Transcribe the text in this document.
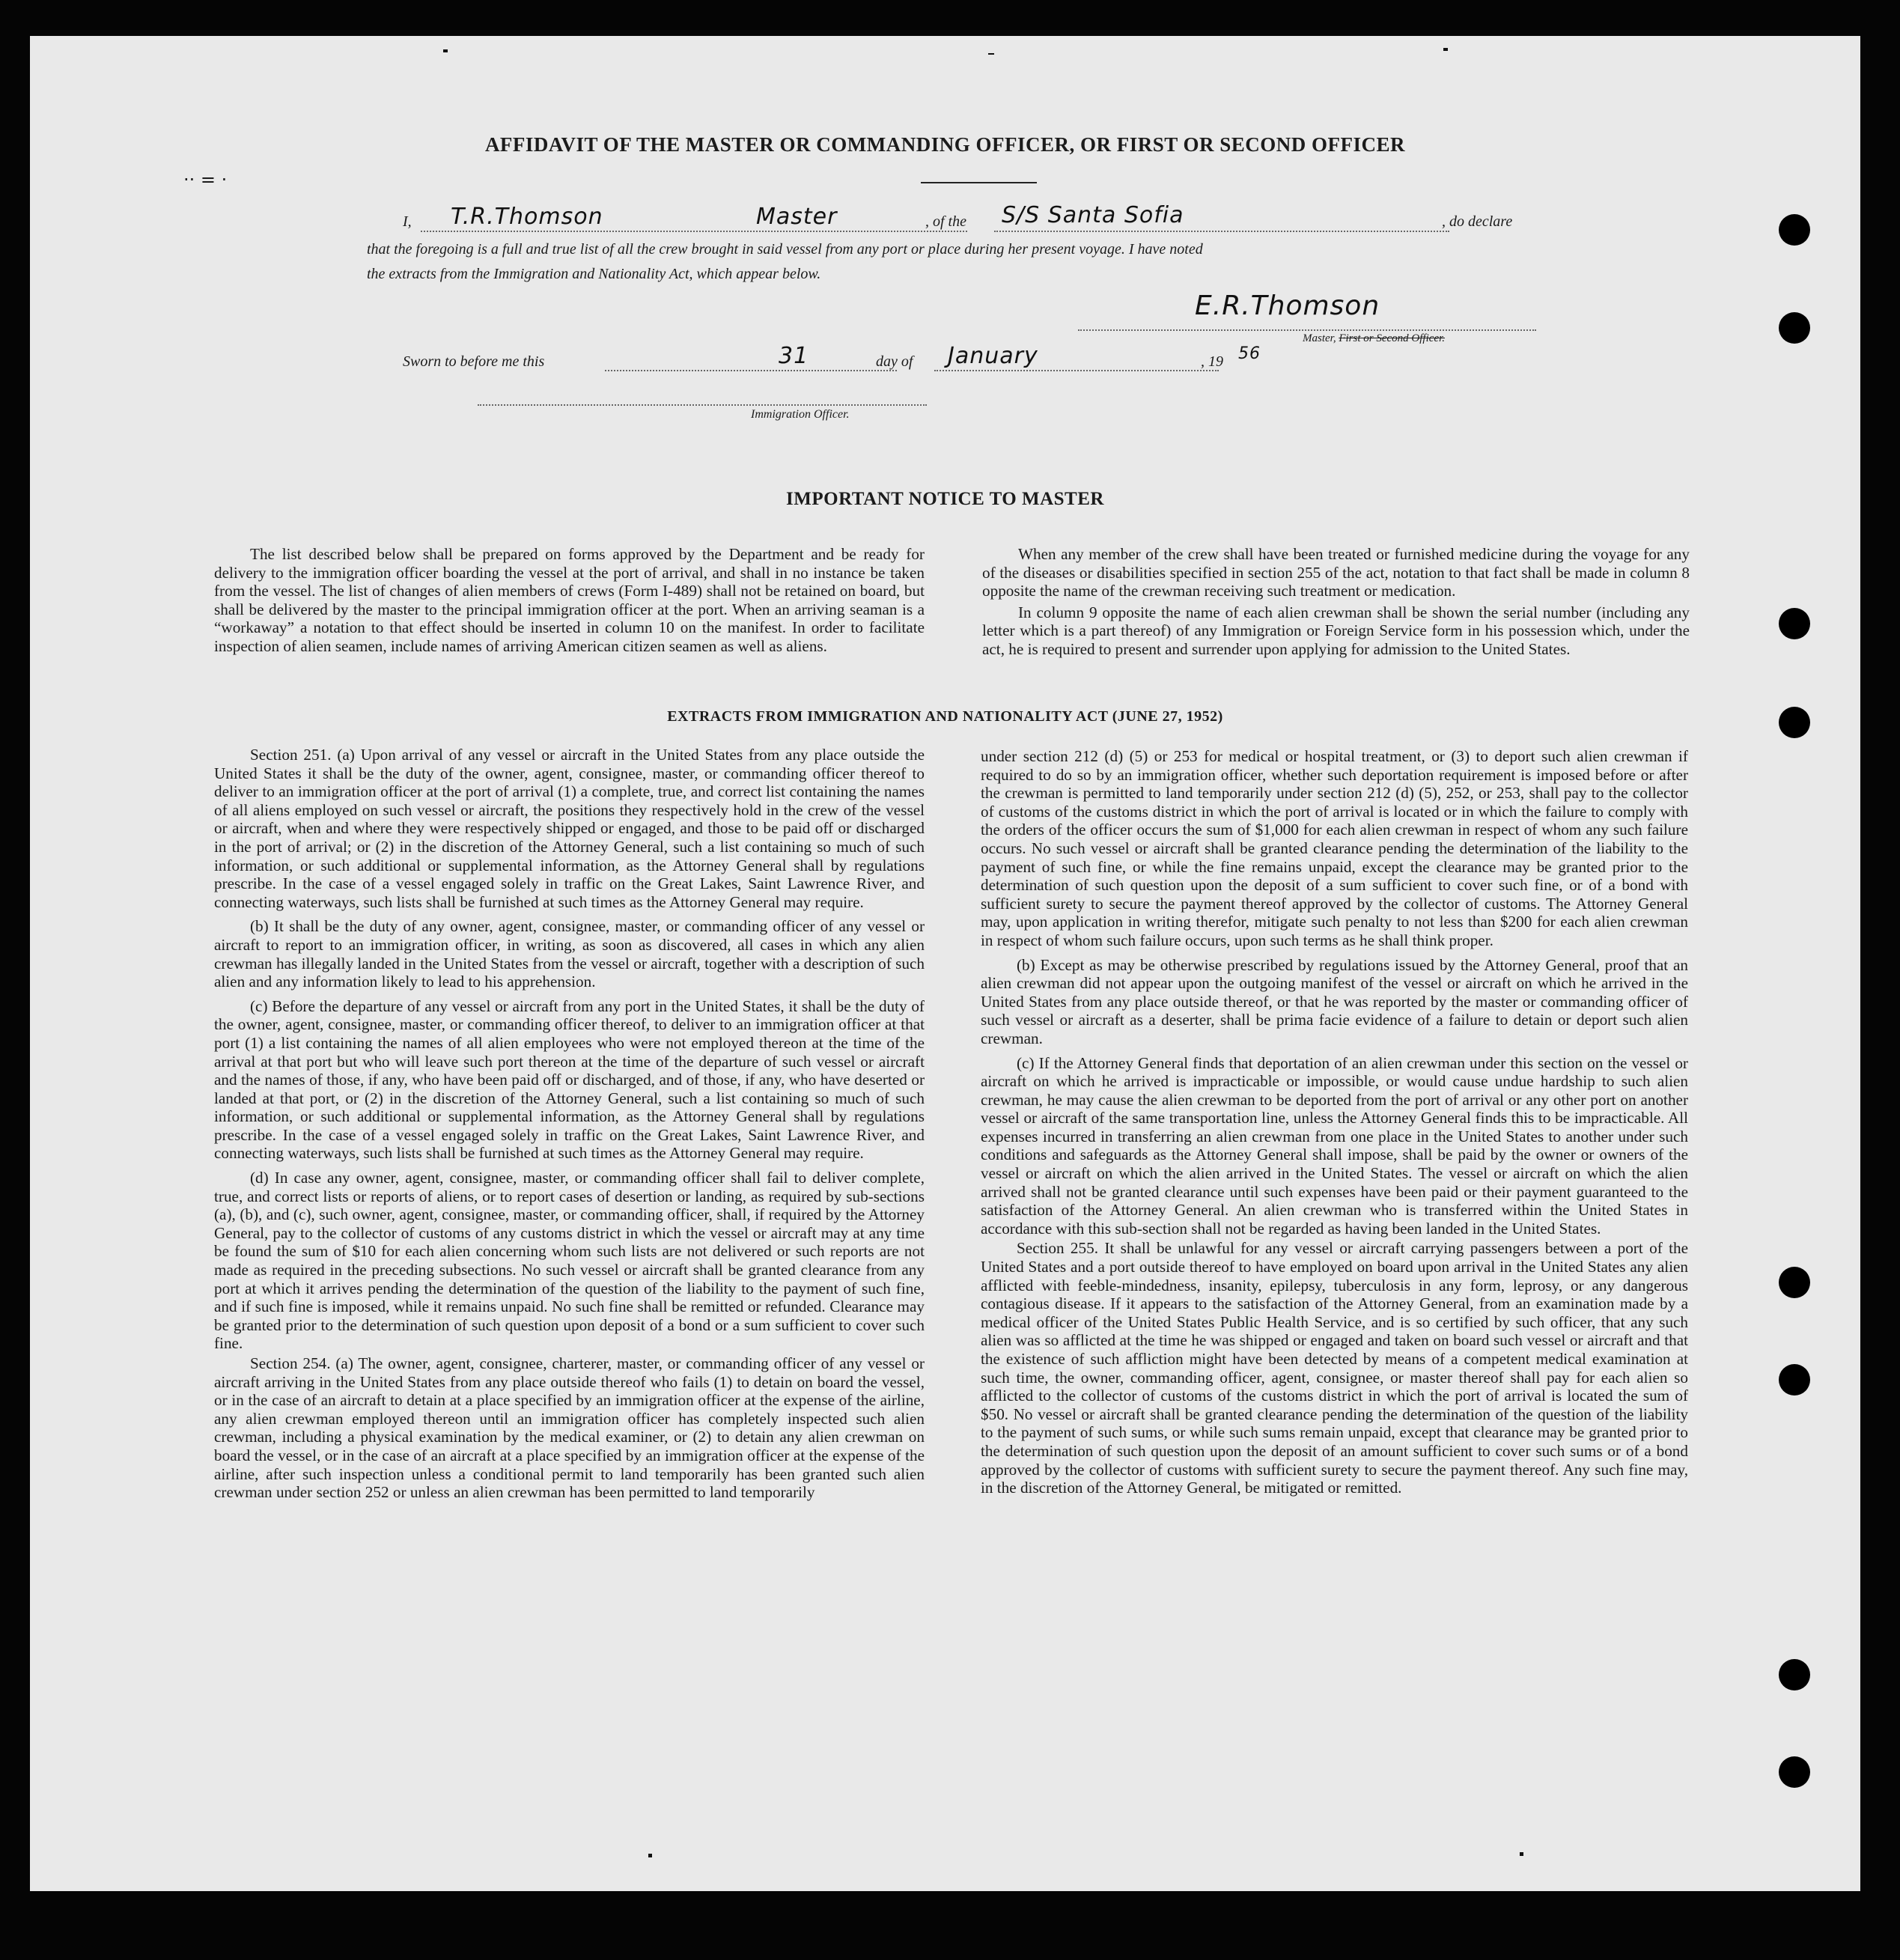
·· = ·
AFFIDAVIT OF THE MASTER OR COMMANDING OFFICER, OR FIRST OR SECOND OFFICER
I, T.R.Thomson	Master	, of the S/S Santa Sofia	, do declare
that the foregoing is a full and true list of all the crew brought in said vessel from any port or place during her present voyage. I have noted
the extracts from the Immigration and Nationality Act, which appear below.
E.R.Thomson
Master, First or Second Officer.
Sworn to before me this	31	day of January	, 19 56
Immigration Officer.
IMPORTANT NOTICE TO MASTER

The list described below shall be prepared on forms approved by the Department and be ready for delivery to the immigration officer boarding the vessel at the port of arrival, and shall in no instance be taken from the vessel. The list of changes of alien members of crews (Form I-489) shall not be retained on board, but shall be delivered by the master to the principal immigration officer at the port. When an arriving seaman is a “workaway” a notation to that effect should be inserted in column 10 on the manifest. In order to facilitate inspection of alien seamen, include names of arriving American citizen seamen as well as aliens.

When any member of the crew shall have been treated or furnished medicine during the voyage for any of the diseases or disabilities specified in section 255 of the act, notation to that fact shall be made in column 8 opposite the name of the crewman receiving such treatment or medication.

In column 9 opposite the name of each alien crewman shall be shown the serial number (including any letter which is a part thereof) of any Immigration or Foreign Service form in his possession which, under the act, he is required to present and surrender upon applying for admission to the United States.

EXTRACTS FROM IMMIGRATION AND NATIONALITY ACT (JUNE 27, 1952)

Section 251. (a) Upon arrival of any vessel or aircraft in the United States from any place outside the United States it shall be the duty of the owner, agent, consignee, master, or commanding officer thereof to deliver to an immigration officer at the port of arrival (1) a complete, true, and correct list containing the names of all aliens employed on such vessel or aircraft, the positions they respectively hold in the crew of the vessel or aircraft, when and where they were respectively shipped or engaged, and those to be paid off or discharged in the port of arrival; or (2) in the discretion of the Attorney General, such a list containing so much of such information, or such additional or supplemental information, as the Attorney General shall by regulations prescribe. In the case of a vessel engaged solely in traffic on the Great Lakes, Saint Lawrence River, and connecting waterways, such lists shall be furnished at such times as the Attorney General may require.

(b) It shall be the duty of any owner, agent, consignee, master, or commanding officer of any vessel or aircraft to report to an immigration officer, in writing, as soon as discovered, all cases in which any alien crewman has illegally landed in the United States from the vessel or aircraft, together with a description of such alien and any information likely to lead to his apprehension.

(c) Before the departure of any vessel or aircraft from any port in the United States, it shall be the duty of the owner, agent, consignee, master, or commanding officer thereof, to deliver to an immigration officer at that port (1) a list containing the names of all alien employees who were not employed thereon at the time of the arrival at that port but who will leave such port thereon at the time of the departure of such vessel or aircraft and the names of those, if any, who have been paid off or discharged, and of those, if any, who have deserted or landed at that port, or (2) in the discretion of the Attorney General, such a list containing so much of such information, or such additional or supplemental information, as the Attorney General shall by regulations prescribe. In the case of a vessel engaged solely in traffic on the Great Lakes, Saint Lawrence River, and connecting waterways, such lists shall be furnished at such times as the Attorney General may require.

(d) In case any owner, agent, consignee, master, or commanding officer shall fail to deliver complete, true, and correct lists or reports of aliens, or to report cases of desertion or landing, as required by sub-sections (a), (b), and (c), such owner, agent, consignee, master, or commanding officer, shall, if required by the Attorney General, pay to the collector of customs of any customs district in which the vessel or aircraft may at any time be found the sum of $10 for each alien concerning whom such lists are not delivered or such reports are not made as required in the preceding subsections. No such vessel or aircraft shall be granted clearance from any port at which it arrives pending the determination of the question of the liability to the payment of such fine, and if such fine is imposed, while it remains unpaid. No such fine shall be remitted or refunded. Clearance may be granted prior to the determination of such question upon deposit of a bond or a sum sufficient to cover such fine.

Section 254. (a) The owner, agent, consignee, charterer, master, or commanding officer of any vessel or aircraft arriving in the United States from any place outside thereof who fails (1) to detain on board the vessel, or in the case of an aircraft to detain at a place specified by an immigration officer at the expense of the airline, any alien crewman employed thereon until an immigration officer has completely inspected such alien crewman, including a physical examination by the medical examiner, or (2) to detain any alien crewman on board the vessel, or in the case of an aircraft at a place specified by an immigration officer at the expense of the airline, after such inspection unless a conditional permit to land temporarily has been granted such alien crewman under section 252 or unless an alien crewman has been permitted to land temporarily

under section 212 (d) (5) or 253 for medical or hospital treatment, or (3) to deport such alien crewman if required to do so by an immigration officer, whether such deportation requirement is imposed before or after the crewman is permitted to land temporarily under section 212 (d) (5), 252, or 253, shall pay to the collector of customs of the customs district in which the port of arrival is located or in which the failure to comply with the orders of the officer occurs the sum of $1,000 for each alien crewman in respect of whom any such failure occurs. No such vessel or aircraft shall be granted clearance pending the determination of the liability to the payment of such fine, or while the fine remains unpaid, except the clearance may be granted prior to the determination of such question upon the deposit of a sum sufficient to cover such fine, or of a bond with sufficient surety to secure the payment thereof approved by the collector of customs. The Attorney General may, upon application in writing therefor, mitigate such penalty to not less than $200 for each alien crewman in respect of whom such failure occurs, upon such terms as he shall think proper.

(b) Except as may be otherwise prescribed by regulations issued by the Attorney General, proof that an alien crewman did not appear upon the outgoing manifest of the vessel or aircraft on which he arrived in the United States from any place outside thereof, or that he was reported by the master or commanding officer of such vessel or aircraft as a deserter, shall be prima facie evidence of a failure to detain or deport such alien crewman.

(c) If the Attorney General finds that deportation of an alien crewman under this section on the vessel or aircraft on which he arrived is impracticable or impossible, or would cause undue hardship to such alien crewman, he may cause the alien crewman to be deported from the port of arrival or any other port on another vessel or aircraft of the same transportation line, unless the Attorney General finds this to be impracticable. All expenses incurred in transferring an alien crewman from one place in the United States to another under such conditions and safeguards as the Attorney General shall impose, shall be paid by the owner or owners of the vessel or aircraft on which the alien arrived in the United States. The vessel or aircraft on which the alien arrived shall not be granted clearance until such expenses have been paid or their payment guaranteed to the satisfaction of the Attorney General. An alien crewman who is transferred within the United States in accordance with this sub-section shall not be regarded as having been landed in the United States.

Section 255. It shall be unlawful for any vessel or aircraft carrying passengers between a port of the United States and a port outside thereof to have employed on board upon arrival in the United States any alien afflicted with feeble-mindedness, insanity, epilepsy, tuberculosis in any form, leprosy, or any dangerous contagious disease. If it appears to the satisfaction of the Attorney General, from an examination made by a medical officer of the United States Public Health Service, and is so certified by such officer, that any such alien was so afflicted at the time he was shipped or engaged and taken on board such vessel or aircraft and that the existence of such affliction might have been detected by means of a competent medical examination at such time, the owner, commanding officer, agent, consignee, or master thereof shall pay for each alien so afflicted to the collector of customs of the customs district in which the port of arrival is located the sum of $50. No vessel or aircraft shall be granted clearance pending the determination of the question of the liability to the payment of such sums, or while such sums remain unpaid, except that clearance may be granted prior to the determination of such question upon the deposit of an amount sufficient to cover such sums or of a bond approved by the collector of customs with sufficient surety to secure the payment thereof. Any such fine may, in the discretion of the Attorney General, be mitigated or remitted.
